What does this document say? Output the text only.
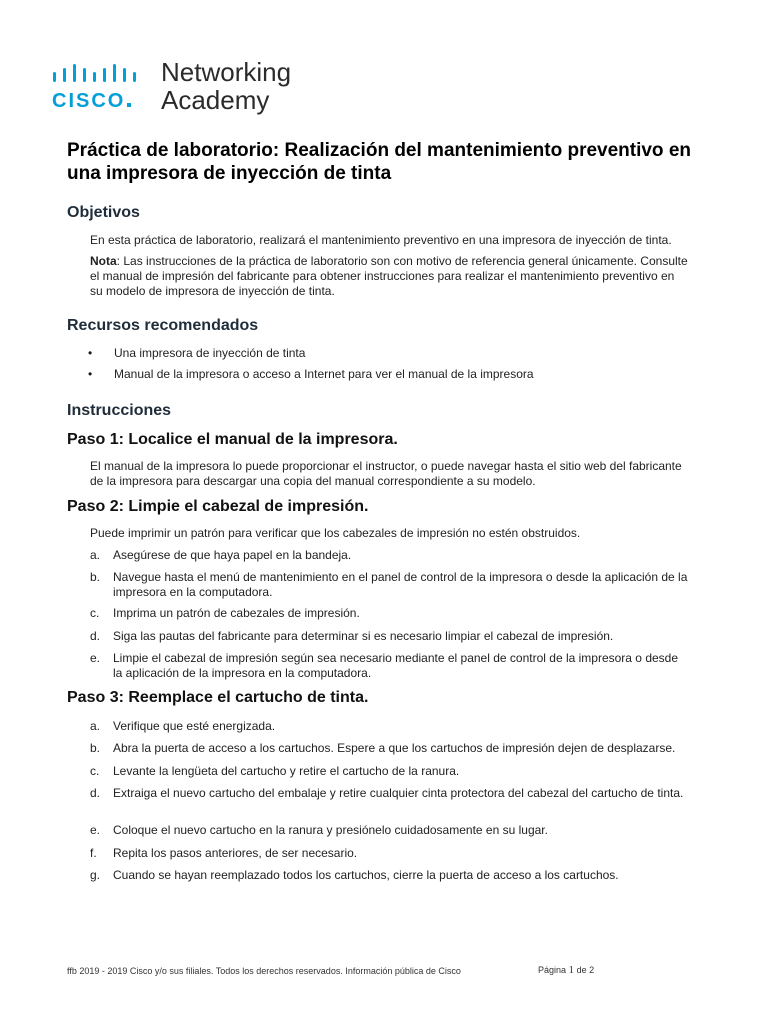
CISCO
Networking
Academy
Práctica de laboratorio: Realización del mantenimiento preventivo en una impresora de inyección de tinta
Objetivos

En esta práctica de laboratorio, realizará el mantenimiento preventivo en una impresora de inyección de tinta.

Nota: Las instrucciones de la práctica de laboratorio son con motivo de referencia general únicamente. Consulte el manual de impresión del fabricante para obtener instrucciones para realizar el mantenimiento preventivo en su modelo de impresora de inyección de tinta.

Recursos recomendados
• Una impresora de inyección de tinta
• Manual de la impresora o acceso a Internet para ver el manual de la impresora
Instrucciones
Paso 1: Localice el manual de la impresora.

El manual de la impresora lo puede proporcionar el instructor, o puede navegar hasta el sitio web del fabricante de la impresora para descargar una copia del manual correspondiente a su modelo.

Paso 2: Limpie el cabezal de impresión.

Puede imprimir un patrón para verificar que los cabezales de impresión no estén obstruidos.

a. Asegúrese de que haya papel en la bandeja.
b. Navegue hasta el menú de mantenimiento en el panel de control de la impresora o desde la aplicación de la impresora en la computadora.
c. Imprima un patrón de cabezales de impresión.
d. Siga las pautas del fabricante para determinar si es necesario limpiar el cabezal de impresión.
e. Limpie el cabezal de impresión según sea necesario mediante el panel de control de la impresora o desde la aplicación de la impresora en la computadora.
Paso 3: Reemplace el cartucho de tinta.
a. Verifique que esté energizada.
b. Abra la puerta de acceso a los cartuchos. Espere a que los cartuchos de impresión dejen de desplazarse.
c. Levante la lengüeta del cartucho y retire el cartucho de la ranura.
d. Extraiga el nuevo cartucho del embalaje y retire cualquier cinta protectora del cabezal del cartucho de tinta.
e. Coloque el nuevo cartucho en la ranura y presiónelo cuidadosamente en su lugar.
f. Repita los pasos anteriores, de ser necesario.
g. Cuando se hayan reemplazado todos los cartuchos, cierre la puerta de acceso a los cartuchos.
ffb 2019 - 2019 Cisco y/o sus filiales. Todos los derechos reservados. Información pública de Cisco	Página 1 de 2
